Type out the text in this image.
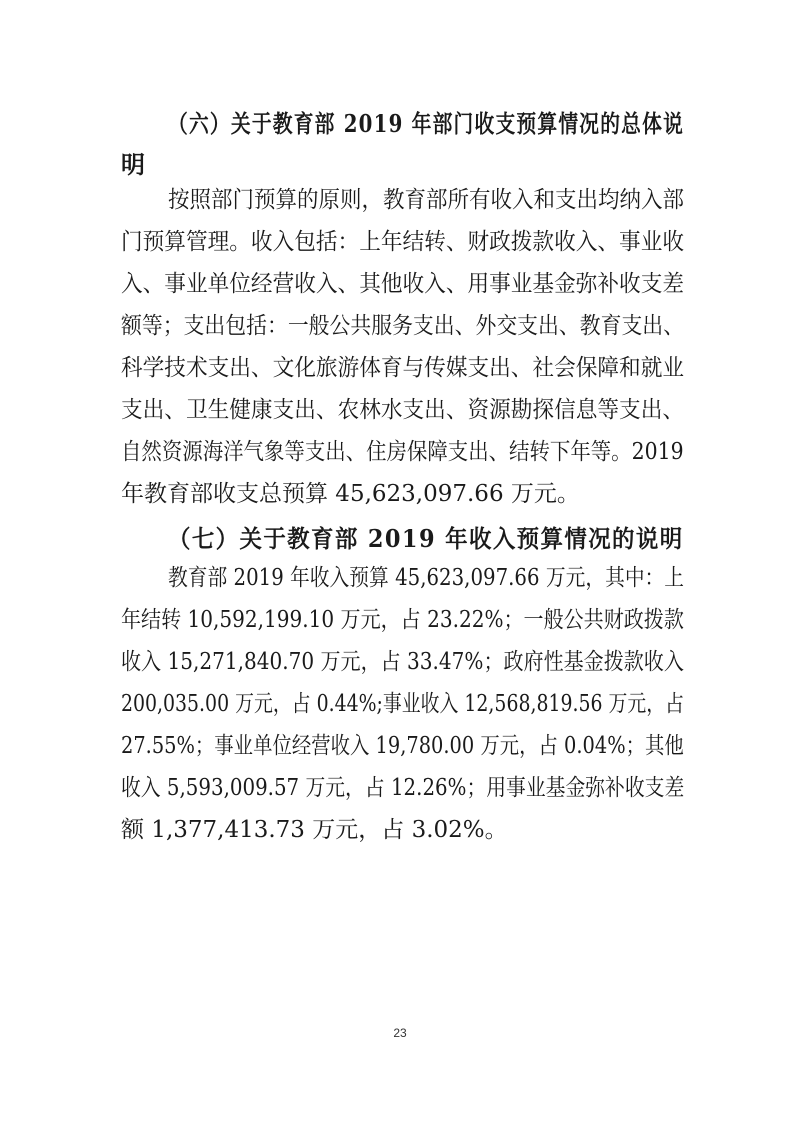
（六）关于教育部 2019 年部门收支预算情况的总体说

明

按照部门预算的原则，教育部所有收入和支出均纳入部

门预算管理。收入包括：上年结转、财政拨款收入、事业收

入、事业单位经营收入、其他收入、用事业基金弥补收支差

额等；支出包括：一般公共服务支出、外交支出、教育支出、

科学技术支出、文化旅游体育与传媒支出、社会保障和就业

支出、卫生健康支出、农林水支出、资源勘探信息等支出、

自然资源海洋气象等支出、住房保障支出、结转下年等。2019

年教育部收支总预算 45,623,097.66 万元。

（七）关于教育部 2019 年收入预算情况的说明

教育部 2019 年收入预算 45,623,097.66 万元，其中：上

年结转 10,592,199.10 万元，占 23.22%；一般公共财政拨款

收入 15,271,840.70 万元，占 33.47%；政府性基金拨款收入

200,035.00 万元，占 0.44%;事业收入 12,568,819.56 万元，占

27.55%；事业单位经营收入 19,780.00 万元，占 0.04%；其他

收入 5,593,009.57 万元，占 12.26%；用事业基金弥补收支差

额 1,377,413.73 万元，占 3.02%。

23
